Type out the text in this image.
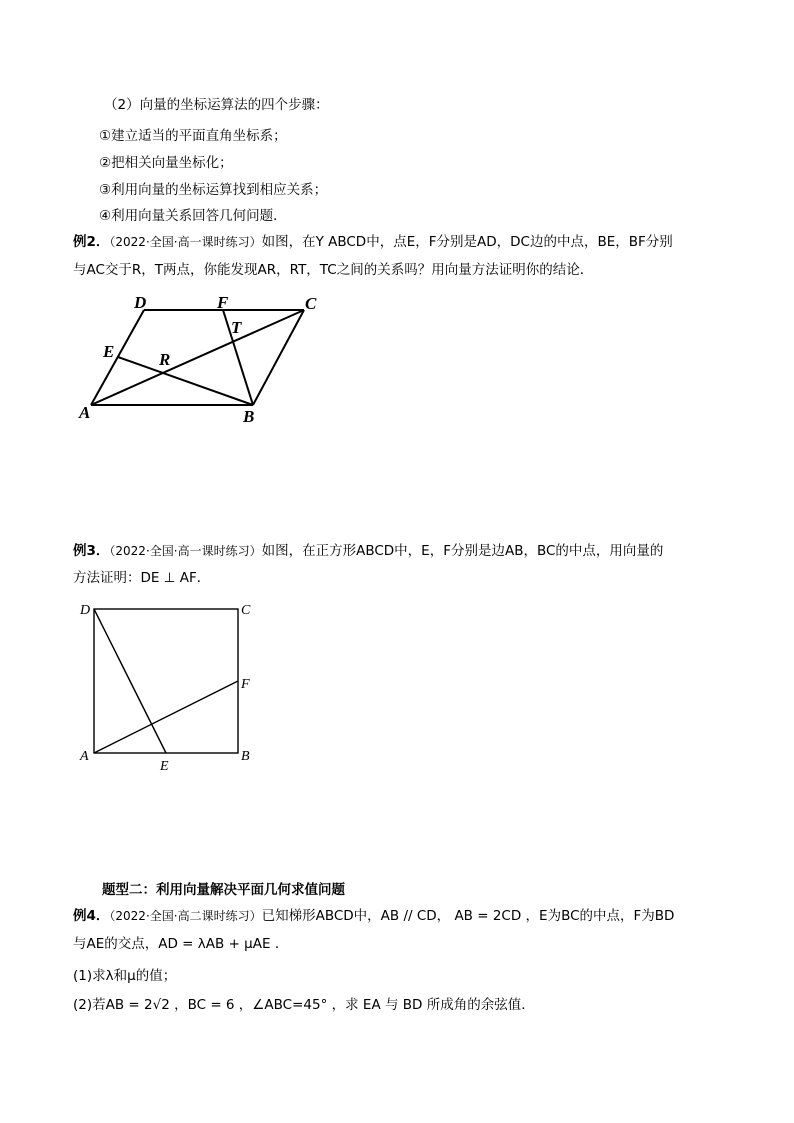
（2）向量的坐标运算法的四个步骤：
①建立适当的平面直角坐标系；
②把相关向量坐标化；
③利用向量的坐标运算找到相应关系；
④利用向量关系回答几何问题．
例2．（2022·全国·高一课时练习）如图，在Y ABCD中，点E，F分别是AD，DC边的中点，BE，BF分别
与AC交于R，T两点，你能发现AR，RT，TC之间的关系吗？用向量方法证明你的结论．
D	F	C
T
E	R
A	B
例3．（2022·全国·高一课时练习）如图，在正方形ABCD中，E，F分别是边AB，BC的中点，用向量的
方法证明：DE ⊥ AF．
D	C
F
A	B
E
题型二：利用向量解决平面几何求值问题
例4．（2022·全国·高二课时练习）已知梯形ABCD中，AB // CD， AB = 2CD ，E为BC的中点，F为BD
与AE的交点，AD = λAB + μAE ．
(1)求λ和μ的值；
(2)若AB = 2√2 ，BC = 6 ，∠ABC=45° ，求 EA 与 BD 所成角的余弦值．
